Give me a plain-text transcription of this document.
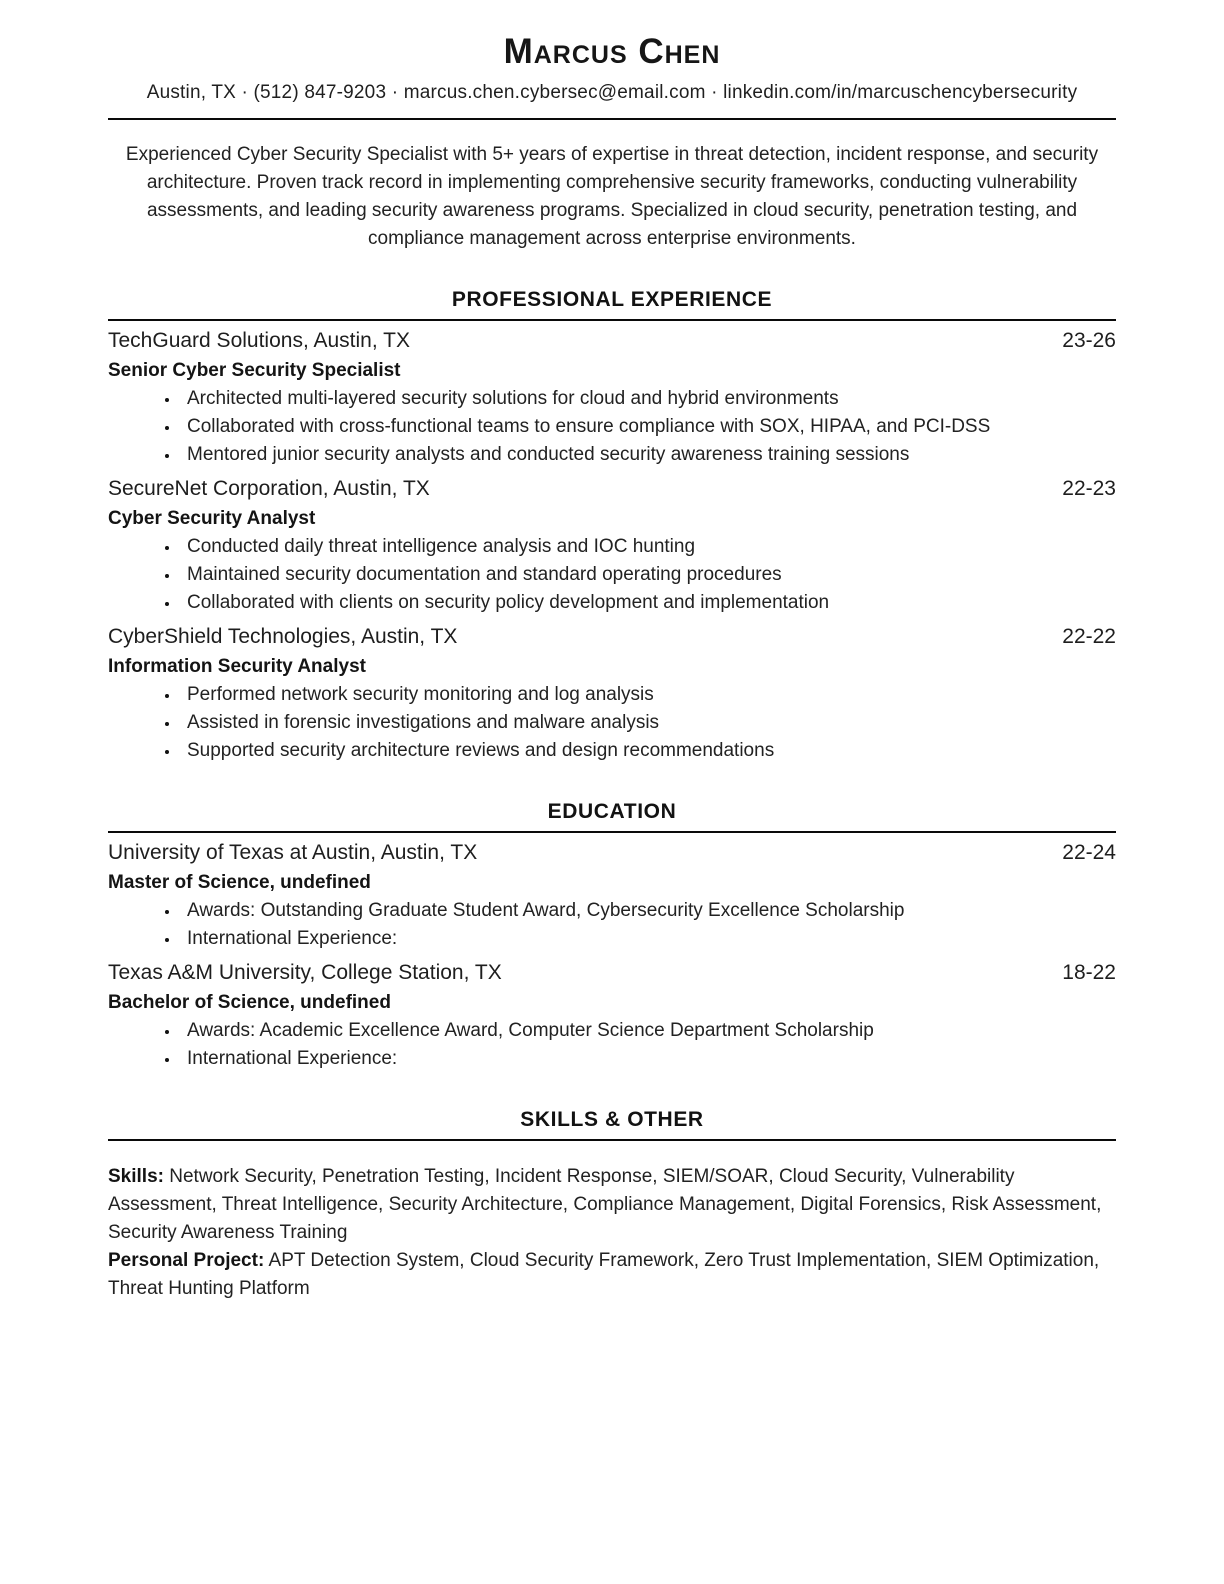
Marcus Chen
Austin, TX · (512) 847-9203 · marcus.chen.cybersec@email.com · linkedin.com/in/marcuschencybersecurity

Experienced Cyber Security Specialist with 5+ years of expertise in threat detection, incident response, and security architecture. Proven track record in implementing comprehensive security frameworks, conducting vulnerability assessments, and leading security awareness programs. Specialized in cloud security, penetration testing, and compliance management across enterprise environments.

PROFESSIONAL EXPERIENCE
TechGuard Solutions, Austin, TX	23-26
Senior Cyber Security Specialist
• Architected multi-layered security solutions for cloud and hybrid environments
• Collaborated with cross-functional teams to ensure compliance with SOX, HIPAA, and PCI-DSS
• Mentored junior security analysts and conducted security awareness training sessions
SecureNet Corporation, Austin, TX	22-23
Cyber Security Analyst
• Conducted daily threat intelligence analysis and IOC hunting
• Maintained security documentation and standard operating procedures
• Collaborated with clients on security policy development and implementation
CyberShield Technologies, Austin, TX	22-22
Information Security Analyst
• Performed network security monitoring and log analysis
• Assisted in forensic investigations and malware analysis
• Supported security architecture reviews and design recommendations
EDUCATION
University of Texas at Austin, Austin, TX	22-24
Master of Science, undefined
• Awards: Outstanding Graduate Student Award, Cybersecurity Excellence Scholarship
• International Experience:
Texas A&M University, College Station, TX	18-22
Bachelor of Science, undefined
• Awards: Academic Excellence Award, Computer Science Department Scholarship
• International Experience:
SKILLS & OTHER

Skills: Network Security, Penetration Testing, Incident Response, SIEM/SOAR, Cloud Security, Vulnerability Assessment, Threat Intelligence, Security Architecture, Compliance Management, Digital Forensics, Risk Assessment, Security Awareness Training

Personal Project: APT Detection System, Cloud Security Framework, Zero Trust Implementation, SIEM Optimization, Threat Hunting Platform
